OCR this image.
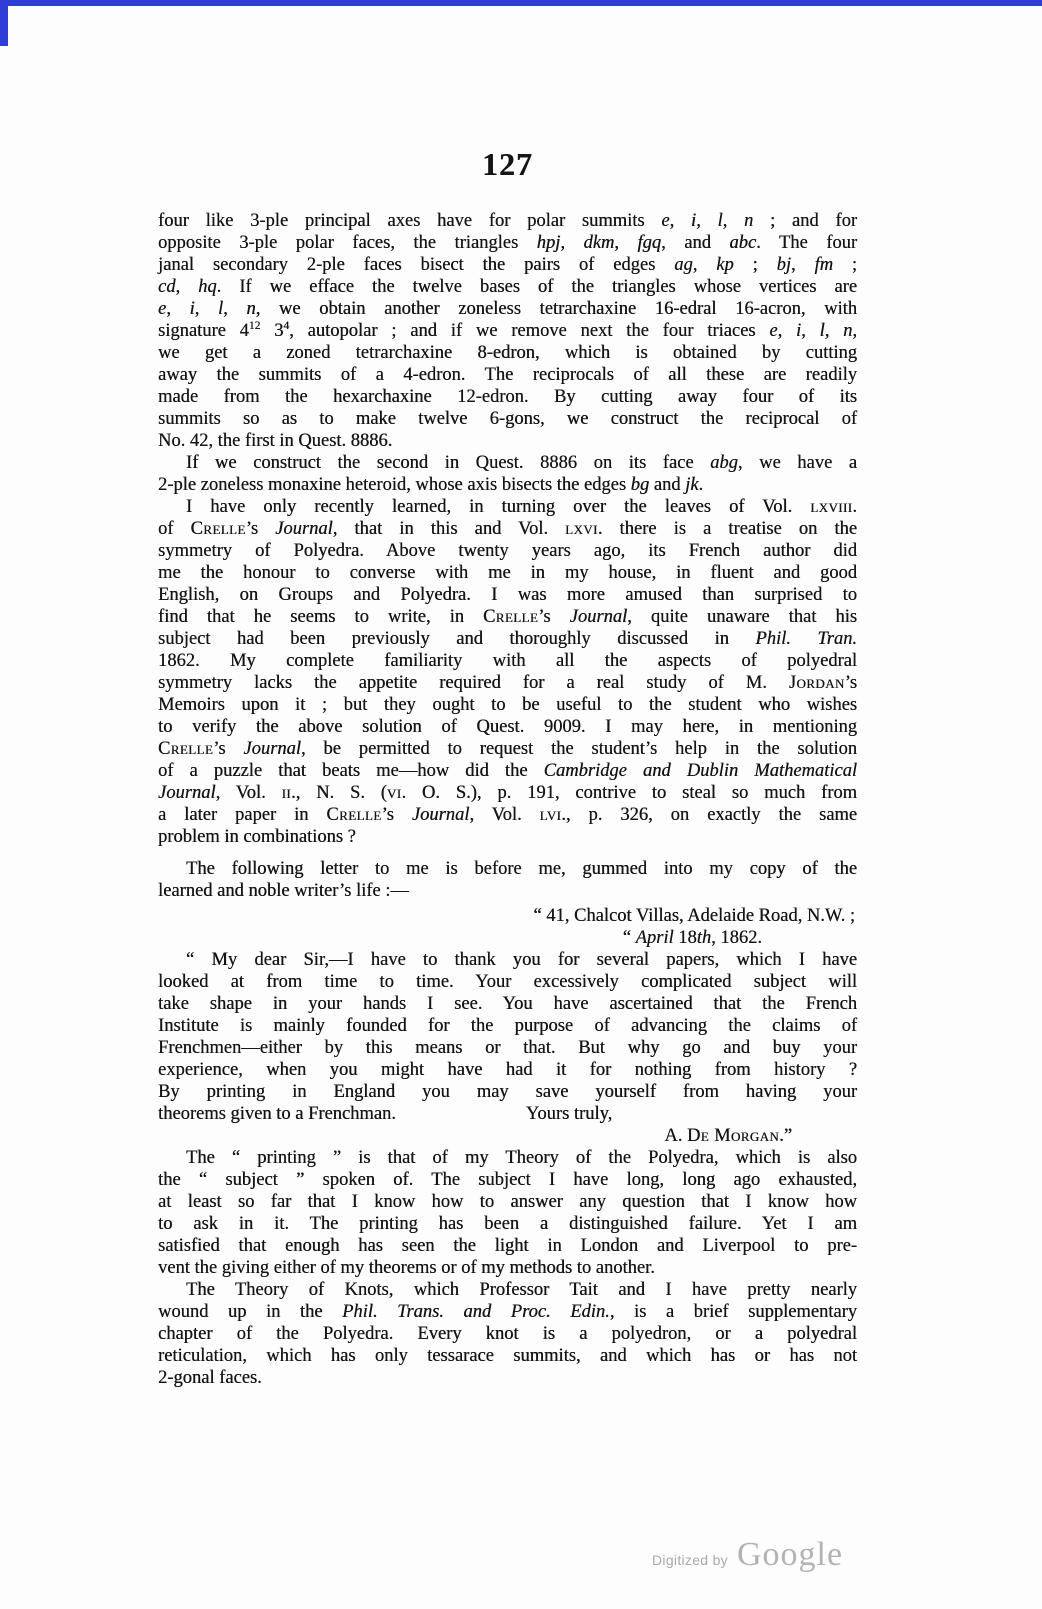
127
four like 3-ple principal axes have for polar summits e, i, l, n ; and for
opposite 3-ple polar faces, the triangles hpj, dkm, fgq, and abc. The four
janal secondary 2-ple faces bisect the pairs of edges ag, kp ; bj, fm ;
cd, hq. If we efface the twelve bases of the triangles whose vertices are
e, i, l, n, we obtain another zoneless tetrarchaxine 16-edral 16-acron, with
signature $4^{12}$ $3^4$, autopolar ; and if we remove next the four triaces e, i, l, n,
we get a zoned tetrarchaxine 8-edron, which is obtained by cutting
away the summits of a 4-edron. The reciprocals of all these are readily
made from the hexarchaxine 12-edron. By cutting away four of its
summits so as to make twelve 6-gons, we construct the reciprocal of
No. 42, the first in Quest. 8886.
If we construct the second in Quest. 8886 on its face abg, we have a
2-ple zoneless monaxine heteroid, whose axis bisects the edges bg and jk.
I have only recently learned, in turning over the leaves of Vol. lxviii.
of Crelle’s Journal, that in this and Vol. lxvi. there is a treatise on the
symmetry of Polyedra. Above twenty years ago, its French author did
me the honour to converse with me in my house, in fluent and good
English, on Groups and Polyedra. I was more amused than surprised to
find that he seems to write, in Crelle’s Journal, quite unaware that his
subject had been previously and thoroughly discussed in Phil. Tran.
1862. My complete familiarity with all the aspects of polyedral
symmetry lacks the appetite required for a real study of M. Jordan’s
Memoirs upon it ; but they ought to be useful to the student who wishes
to verify the above solution of Quest. 9009. I may here, in mentioning
Crelle’s Journal, be permitted to request the student’s help in the solution
of a puzzle that beats me—how did the Cambridge and Dublin Mathematical
Journal, Vol. ii., N. S. (vi. O. S.), p. 191, contrive to steal so much from
a later paper in Crelle’s Journal, Vol. lvi., p. 326, on exactly the same
problem in combinations ?
The following letter to me is before me, gummed into my copy of the
learned and noble writer’s life :—
“ 41, Chalcot Villas, Adelaide Road, N.W. ;
“ April 18th, 1862.
“ My dear Sir,—I have to thank you for several papers, which I have
looked at from time to time. Your excessively complicated subject will
take shape in your hands I see. You have ascertained that the French
Institute is mainly founded for the purpose of advancing the claims of
Frenchmen—either by this means or that. But why go and buy your
experience, when you might have had it for nothing from history ?
By printing in England you may save yourself from having your
theorems given to a Frenchman.	Yours truly,
A. De Morgan.”
The “ printing ” is that of my Theory of the Polyedra, which is also
the “ subject ” spoken of. The subject I have long, long ago exhausted,
at least so far that I know how to answer any question that I know how
to ask in it. The printing has been a distinguished failure. Yet I am
satisfied that enough has seen the light in London and Liverpool to pre-
vent the giving either of my theorems or of my methods to another.
The Theory of Knots, which Professor Tait and I have pretty nearly
wound up in the Phil. Trans. and Proc. Edin., is a brief supplementary
chapter of the Polyedra. Every knot is a polyedron, or a polyedral
reticulation, which has only tessarace summits, and which has or has not
2-gonal faces.
Digitized by Google
